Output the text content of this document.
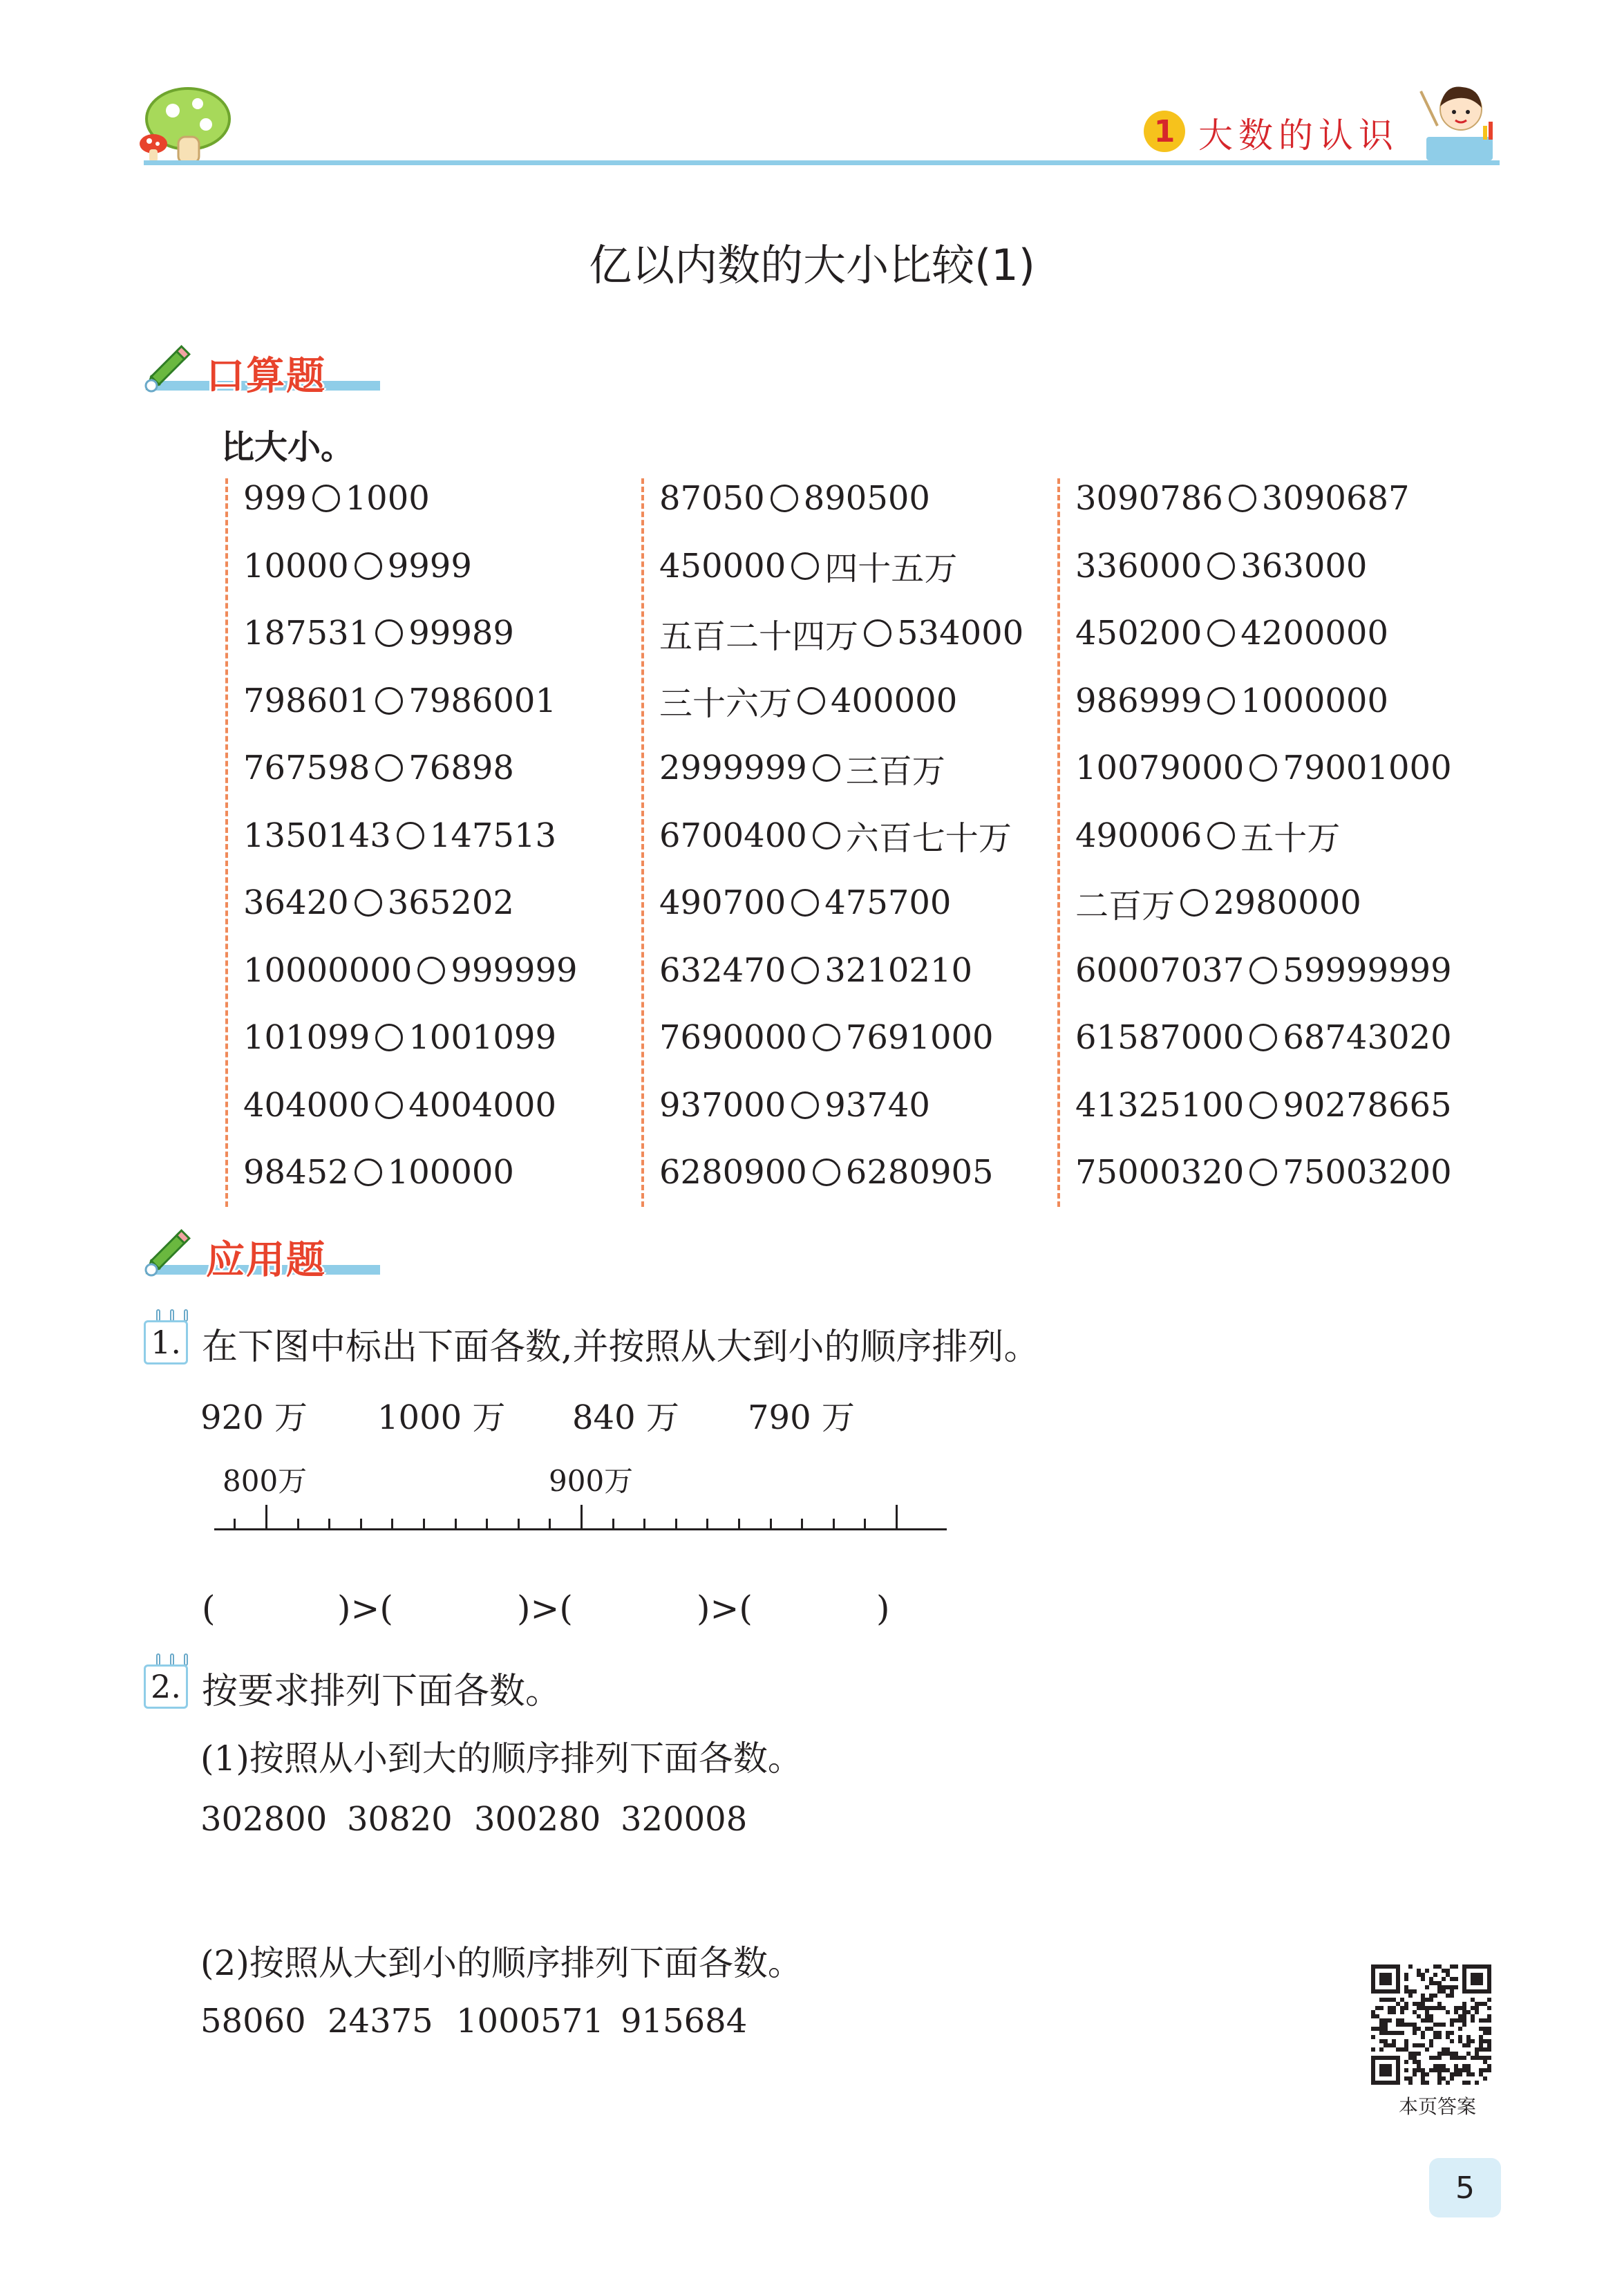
1 大数的认识
亿以内数的大小比较(1)
口算题
比大小。
999 1000
10000 9999
187531 99989
798601 7986001
767598 76898
1350143 147513
36420 365202
10000000 999999
101099 1001099
404000 4004000
98452 100000
87050 890500
450000 四十五万
五百二十四万 534000
三十六万 400000
2999999 三百万
6700400 六百七十万
490700 475700
632470 3210210
7690000 7691000
937000 93740
6280900 6280905
3090786 3090687
336000 363000
450200 4200000
986999 1000000
10079000 79001000
490006 五十万
二百万 2980000
60007037 59999999
61587000 68743020
41325100 90278665
75000320 75003200
应用题
1. 在下图中标出下面各数,并按照从大到小的顺序排列。
920 万 1000 万 840 万 790 万
800万	900万
(	)>(	)>(	)>(	)
2. 按要求排列下面各数。
(1)按照从小到大的顺序排列下面各数。
302800 30820 300280 320008
(2)按照从大到小的顺序排列下面各数。
58060 24375 1000571 915684
本页答案
5
